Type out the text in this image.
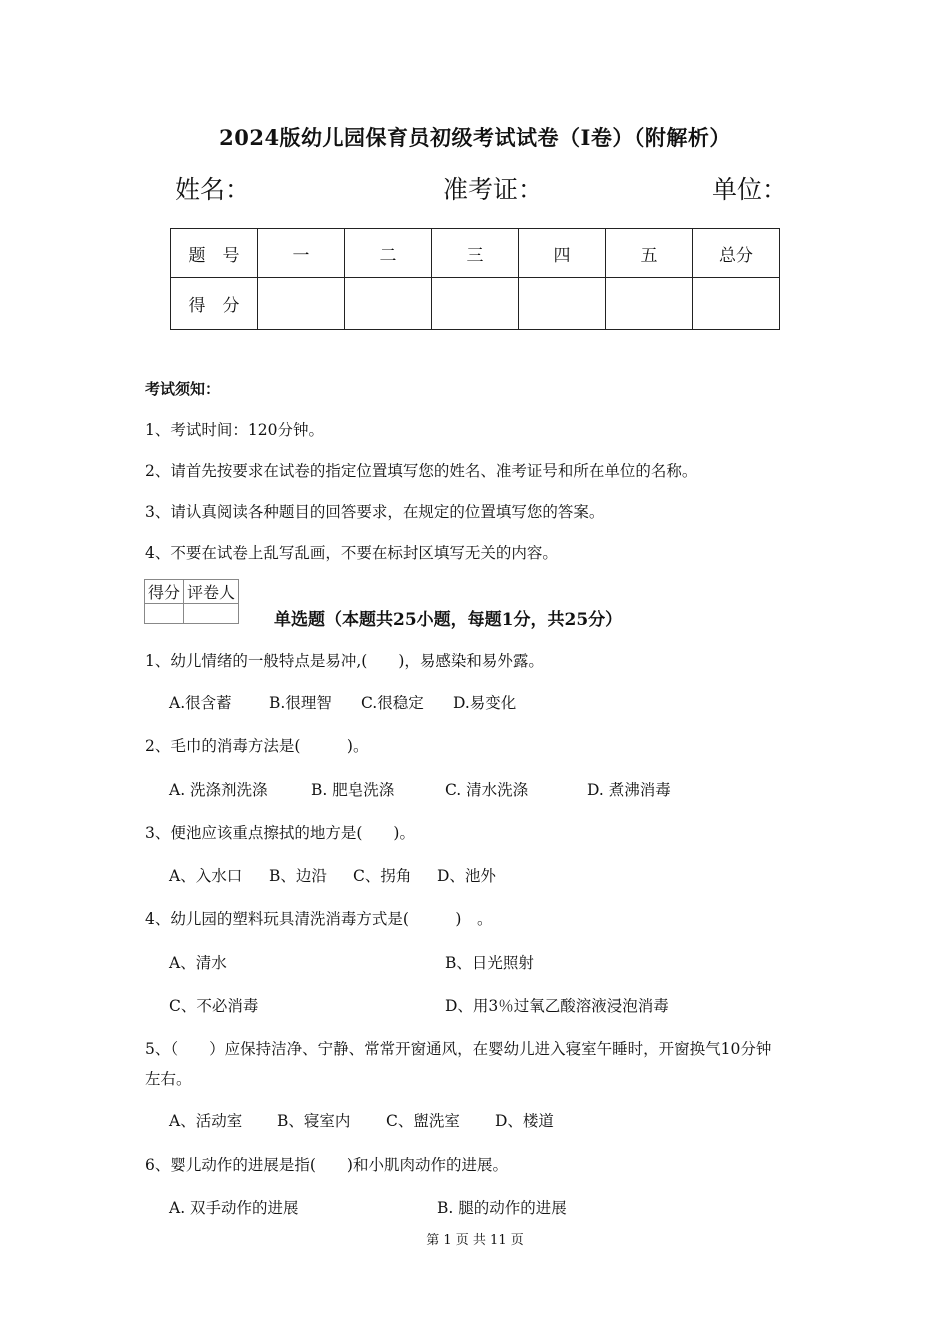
2024版幼儿园保育员初级考试试卷（I卷）（附解析）
姓名：	准考证：	单位：
题　号	一	二	三	四	五	总分
得　分						
考试须知：
1、考试时间：120分钟。
2、请首先按要求在试卷的指定位置填写您的姓名、准考证号和所在单位的名称。
3、请认真阅读各种题目的回答要求，在规定的位置填写您的答案。
4、不要在试卷上乱写乱画，不要在标封区填写无关的内容。
得分	评卷人

单选题（本题共25小题，每题1分，共25分）
1、幼儿情绪的一般特点是易冲,(　　)，易感染和易外露。
A.很含蓄 B.很理智 C.很稳定 D.易变化
2、毛巾的消毒方法是(　　　)。
A. 洗涤剂洗涤	B. 肥皂洗涤	C. 清水洗涤	D. 煮沸消毒
3、便池应该重点擦拭的地方是(　　)。
A、入水口 B、边沿 C、拐角 D、池外
4、幼儿园的塑料玩具清洗消毒方式是(　　　)　。
A、清水	B、日光照射
C、不必消毒	D、用3％过氧乙酸溶液浸泡消毒
5、（　　）应保持洁净、宁静、常常开窗通风，在婴幼儿进入寝室午睡时，开窗换气10分钟
左右。
A、活动室 B、寝室内 C、盥洗室 D、楼道
6、婴儿动作的进展是指(　　)和小肌肉动作的进展。
A. 双手动作的进展	B. 腿的动作的进展
第 1 页 共 11 页
